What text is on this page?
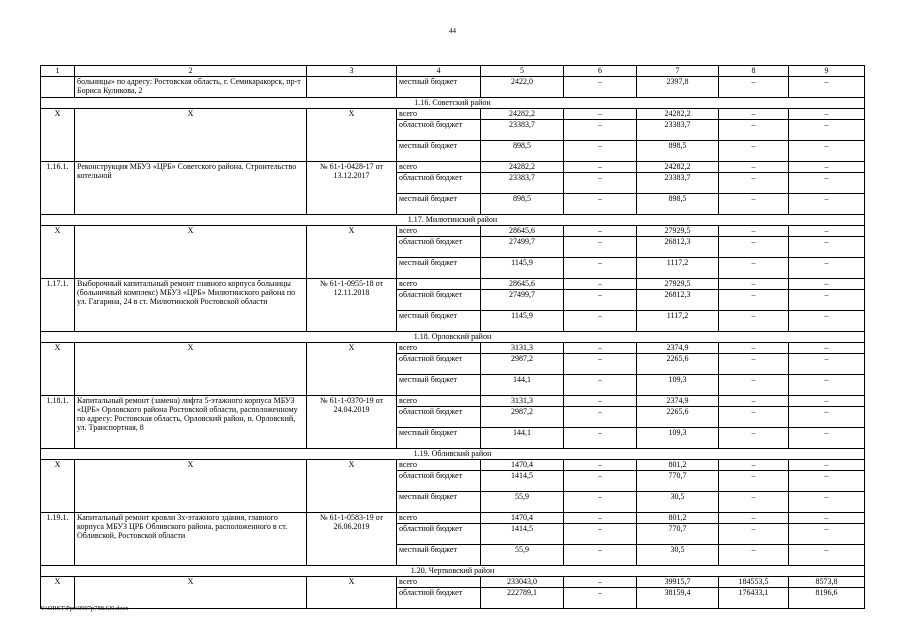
44
1	2	3	4	5	6	7	8	9
	больницы» по адресу: Ростовская область, г. Семикаракорск, пр-т Бориса Куликова, 2		местный бюджет	2422,0	–	2397,8	–	–
1.16. Советский район								
Х	Х	Х	всего	24282,2	–	24282,2	–	–
			областной бюджет	23383,7	–	23383,7	–	–
			местный бюджет	898,5	–	898,5	–	–
1.16.1.	Реконструкция МБУЗ «ЦРБ» Советского района. Строительство котельной	№ 61-1-0428-17 от 13.12.2017	всего	24282,2	–	24282,2	–	–
			областной бюджет	23383,7	–	23383,7	–	–
			местный бюджет	898,5	–	898,5	–	–
1.17. Милютинский район								
Х	Х	Х	всего	28645,6	–	27929,5	–	–
			областной бюджет	27499,7	–	26812,3	–	–
			местный бюджет	1145,9	–	1117,2	–	–
1.17.1.	Выборочный капитальный ремонт главного корпуса больницы (больничный комплекс) МБУЗ «ЦРБ» Милютинского района по ул. Гагарина, 24 в ст. Милютинской Ростовской области	№ 61-1-0955-18 от 12.11.2018	всего	28645,6	–	27929,5	–	–
			областной бюджет	27499,7	–	26812,3	–	–
			местный бюджет	1145,9	–	1117,2	–	–
1.18. Орловский район								
Х	Х	Х	всего	3131,3	–	2374,9	–	–
			областной бюджет	2987,2	–	2265,6	–	–
			местный бюджет	144,1	–	109,3	–	–
1.18.1.	Капитальный ремонт (замена) лифта 5-этажного корпуса МБУЗ «ЦРБ» Орловского района Ростовской области, расположенному по адресу: Ростовская область, Орловский район, п. Орловский, ул. Транспортная, 8	№ 61-1-0370-19 от 24.04.2019	всего	3131,3	–	2374,9	–	–
			областной бюджет	2987,2	–	2265,6	–	–
			местный бюджет	144,1	–	109,3	–	–
1.19. Обливский район								
Х	Х	Х	всего	1470,4	–	801,2	–	–
			областной бюджет	1414,5	–	770,7	–	–
			местный бюджет	55,9	–	30,5	–	–
1.19.1.	Капитальный ремонт кровли 3х-этажного здания, главного корпуса МБУЗ ЦРБ Обливского района, расположенного в ст. Обливской, Ростовской области	№ 61-1-0583-19 от 26.06.2019	всего	1470,4	–	801,2	–	–
			областной бюджет	1414,5	–	770,7	–	–
			местный бюджет	55,9	–	30,5	–	–
1.20. Чертковский район								
Х	Х	Х	всего	233043,0	–	39915,7	184553,5	8573,8
			областной бюджет	222789,1	–	38159,4	176433,1	8196,6
Y:\ORST\Ppo\0907p788.f20.docx
